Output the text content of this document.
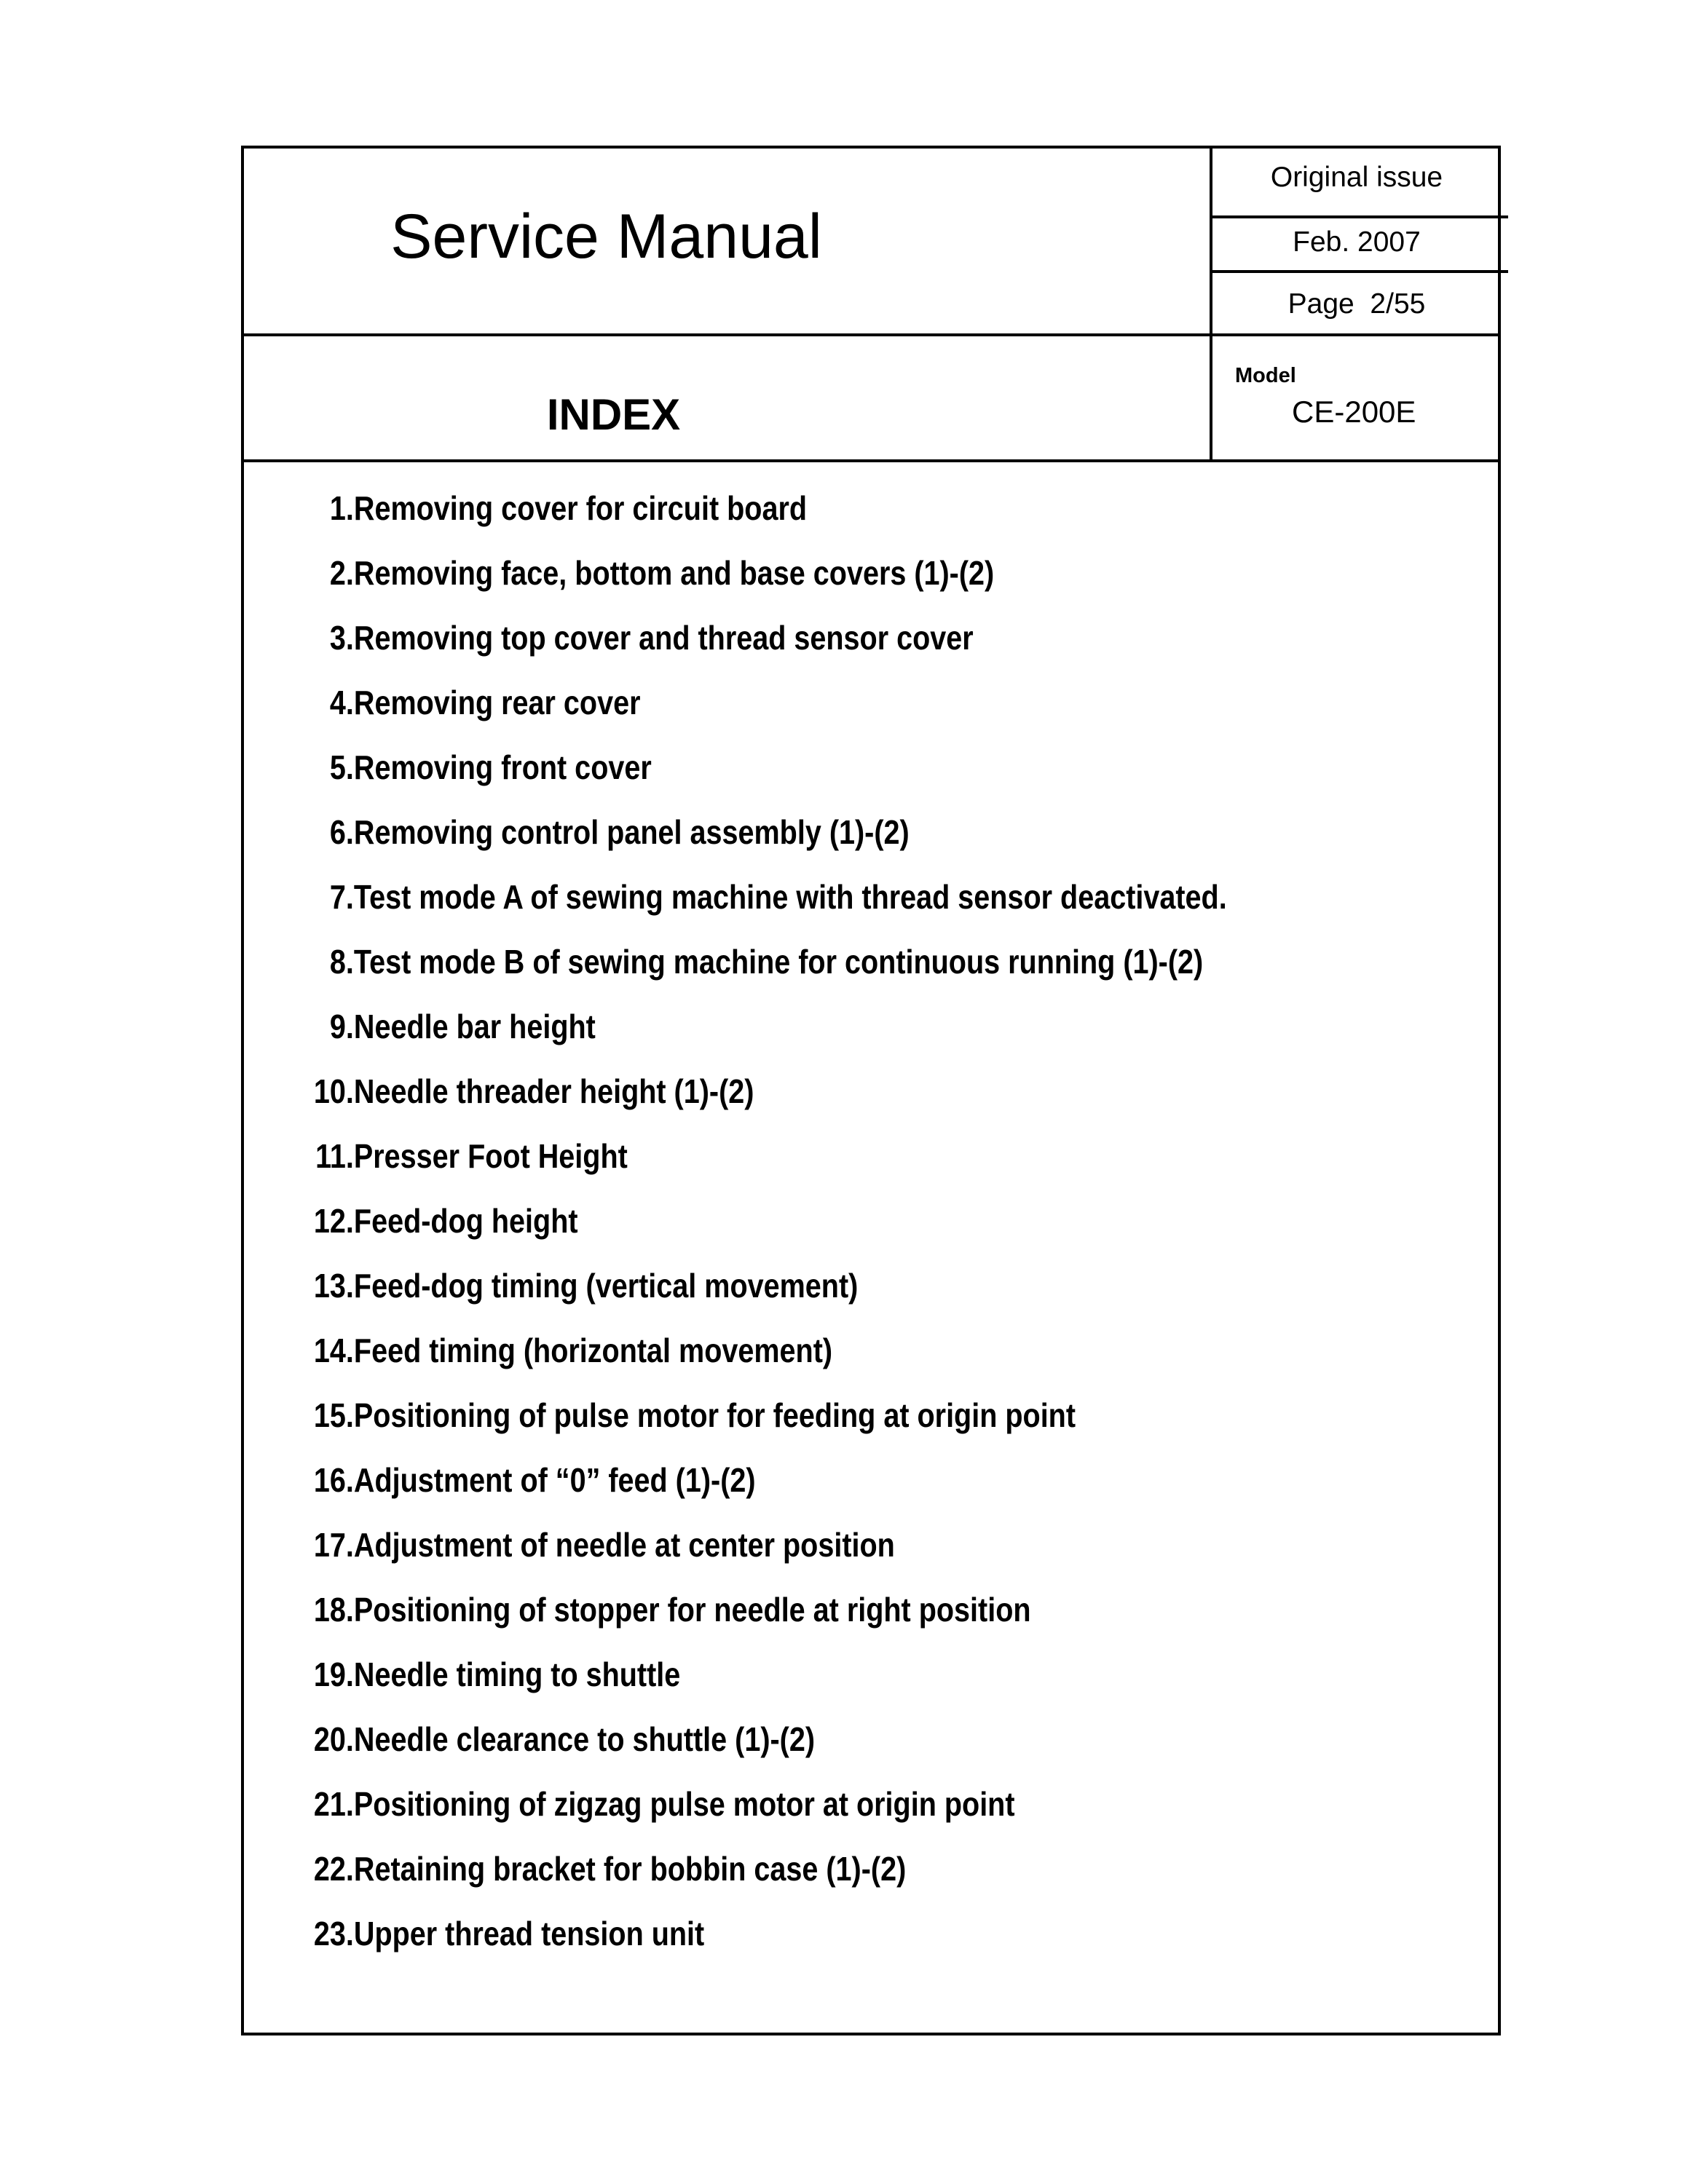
Service Manual
Original issue
Feb. 2007
Page 2/55
INDEX
Model
CE-200E
1. Removing cover for circuit board
2. Removing face, bottom and base covers (1)-(2)
3. Removing top cover and thread sensor cover
4. Removing rear cover
5. Removing front cover
6. Removing control panel assembly (1)-(2)
7. Test mode A of sewing machine with thread sensor deactivated.
8. Test mode B of sewing machine for continuous running (1)-(2)
9. Needle bar height
10. Needle threader height (1)-(2)
11. Presser Foot Height
12. Feed-dog height
13. Feed-dog timing (vertical movement)
14. Feed timing (horizontal movement)
15. Positioning of pulse motor for feeding at origin point
16. Adjustment of “0” feed (1)-(2)
17. Adjustment of needle at center position
18. Positioning of stopper for needle at right position
19. Needle timing to shuttle
20. Needle clearance to shuttle (1)-(2)
21. Positioning of zigzag pulse motor at origin point
22. Retaining bracket for bobbin case (1)-(2)
23. Upper thread tension unit
